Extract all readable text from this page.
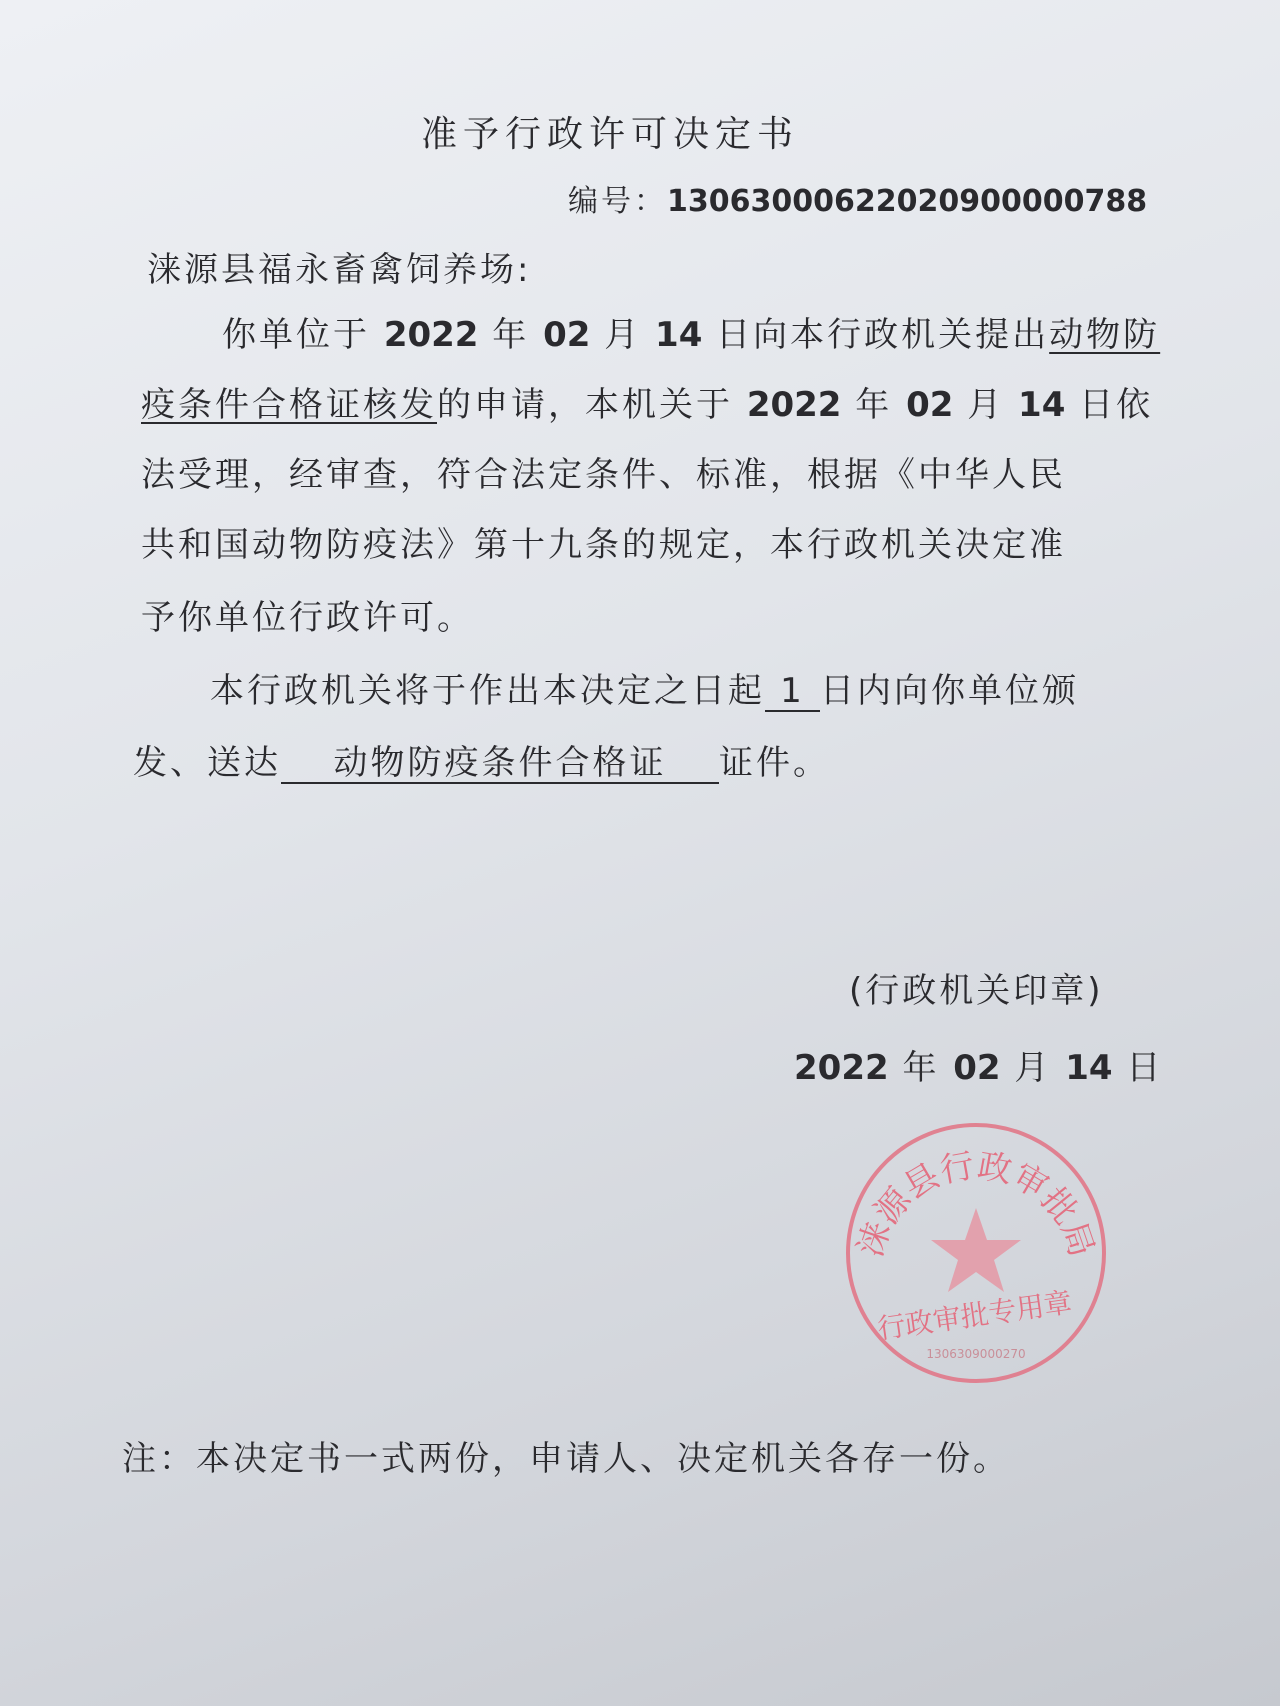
准予行政许可决定书
编号：13063000622020900000788
涞源县福永畜禽饲养场:
你单位于 2022 年 02 月 14 日向本行政机关提出动物防
疫条件合格证核发的申请，本机关于 2022 年 02 月 14 日依
法受理，经审查，符合法定条件、标准，根据《中华人民
共和国动物防疫法》第十九条的规定，本行政机关决定准
予你单位行政许可。
本行政机关将于作出本决定之日起 1 日内向你单位颁
发、送达 动物防疫条件合格证 证件。
(行政机关印章)
2022 年 02 月 14 日
涞源县行政审批局
行政审批专用章
1306309000270
注：本决定书一式两份，申请人、决定机关各存一份。
